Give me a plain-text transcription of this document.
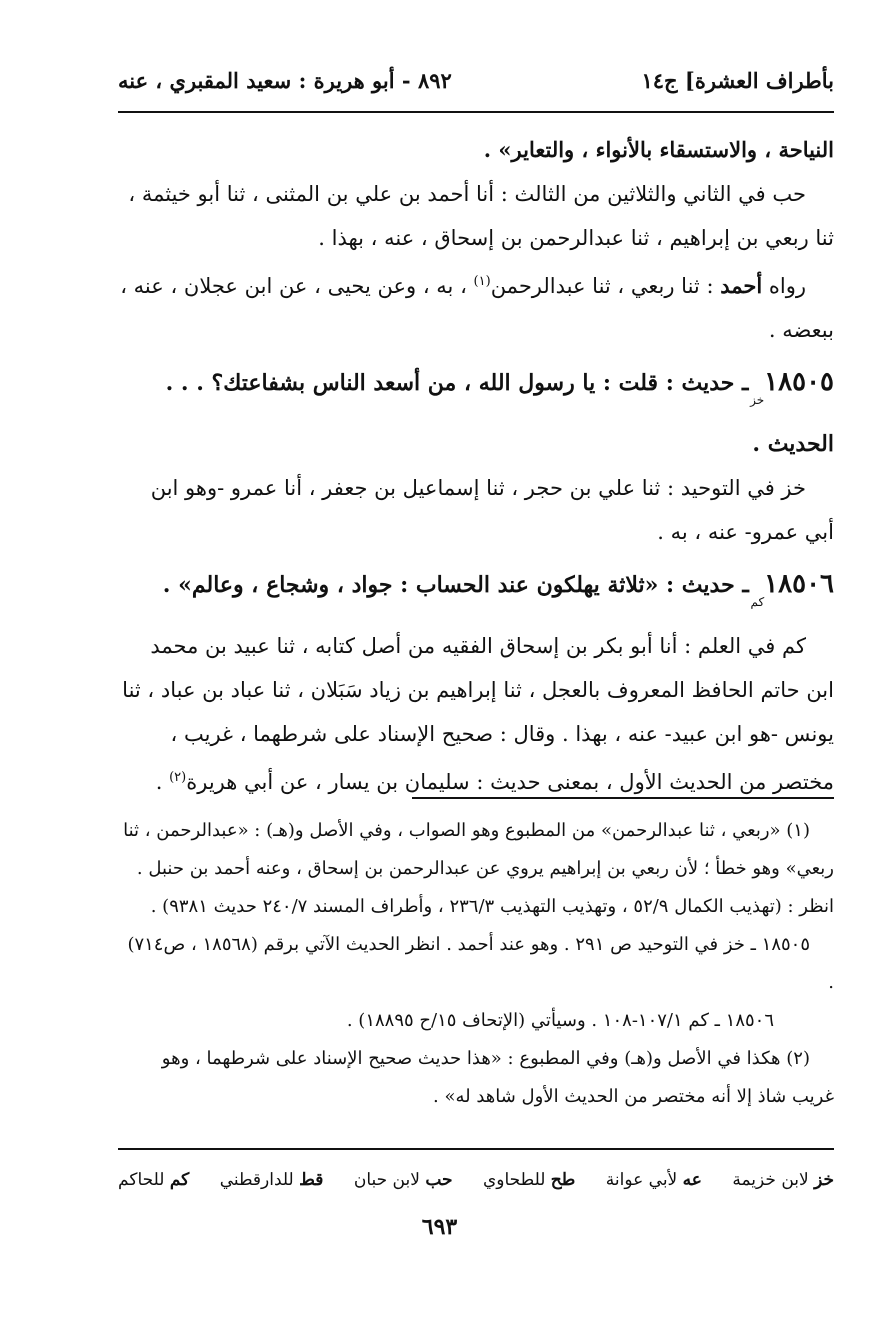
بأطراف العشرة] ج١٤
٨٩٢ - أبو هريرة : سعيد المقبري ، عنه

النياحة ، والاستسقاء بالأنواء ، والتعاير» .

حب في الثاني والثلاثين من الثالث : أنا أحمد بن علي بن المثنى ، ثنا أبو خيثمة ، ثنا ربعي بن إبراهيم ، ثنا عبدالرحمن بن إسحاق ، عنه ، بهذا .

رواه أحمد : ثنا ربعي ، ثنا عبدالرحمن$^{(١)}$ ، به ، وعن يحيى ، عن ابن عجلان ، عنه ، ببعضه .

١٨٥٠٥خز ـ حديث : قلت : يا رسول الله ، من أسعد الناس بشفاعتك؟ . . . الحديث .

خز في التوحيد : ثنا علي بن حجر ، ثنا إسماعيل بن جعفر ، أنا عمرو -وهو ابن أبي عمرو- عنه ، به .

١٨٥٠٦كم ـ حديث : «ثلاثة يهلكون عند الحساب : جواد ، وشجاع ، وعالم» .

كم في العلم : أنا أبو بكر بن إسحاق الفقيه من أصل كتابه ، ثنا عبيد بن محمد ابن حاتم الحافظ المعروف بالعجل ، ثنا إبراهيم بن زياد سَبَلان ، ثنا عباد بن عباد ، ثنا يونس -هو ابن عبيد- عنه ، بهذا . وقال : صحيح الإسناد على شرطهما ، غريب ، مختصر من الحديث الأول ، بمعنى حديث : سليمان بن يسار ، عن أبي هريرة$^{(٢)}$ .

(١) «ربعي ، ثنا عبدالرحمن» من المطبوع وهو الصواب ، وفي الأصل و(هـ) : «عبدالرحمن ، ثنا ربعي» وهو خطأ ؛ لأن ربعي بن إبراهيم يروي عن عبدالرحمن بن إسحاق ، وعنه أحمد بن حنبل . انظر : (تهذيب الكمال ٥٢/٩ ، وتهذيب التهذيب ٢٣٦/٣ ، وأطراف المسند ٢٤٠/٧ حديث ٩٣٨١) .

١٨٥٠٥ ـ خز في التوحيد ص ٢٩١ . وهو عند أحمد . انظر الحديث الآتي برقم (١٨٥٦٨ ، ص٧١٤) .

١٨٥٠٦ ـ كم ١٠٧/١-١٠٨ . وسيأتي (الإتحاف ١٥/ح ١٨٨٩٥) .

(٢) هكذا في الأصل و(هـ) وفي المطبوع : «هذا حديث صحيح الإسناد على شرطهما ، وهو غريب شاذ إلا أنه مختصر من الحديث الأول شاهد له» .

خز لابن خزيمة
عه لأبي عوانة
طح للطحاوي
حب لابن حبان
قط للدارقطني
كم للحاكم
٦٩٣
